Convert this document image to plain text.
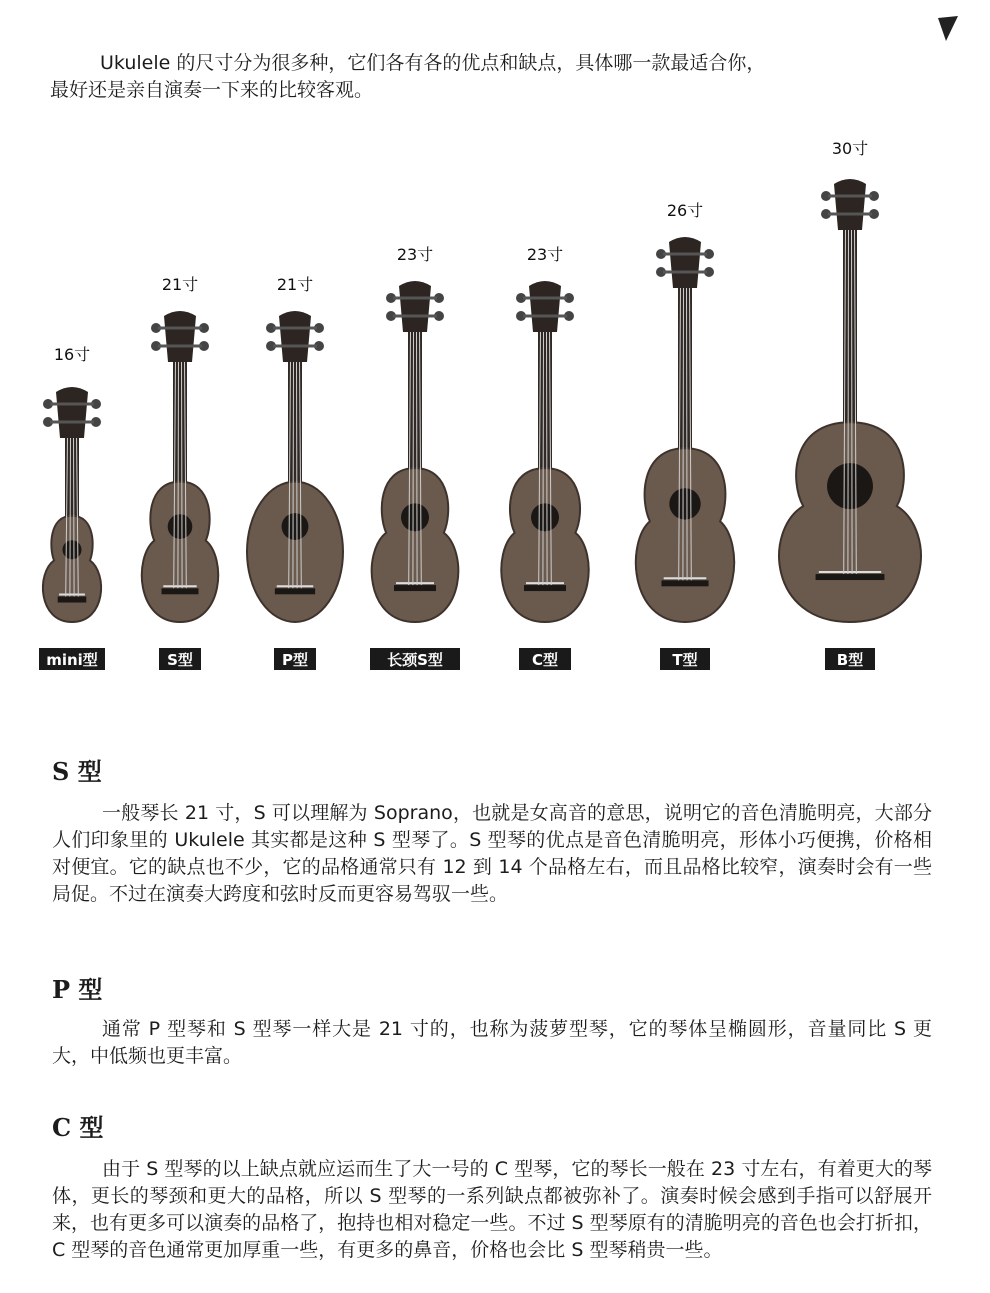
Ukulele 的尺寸分为很多种，它们各有各的优点和缺点，具体哪一款最适合你，
最好还是亲自演奏一下来的比较客观。

16寸
mini型
21寸
S型
21寸
P型
23寸
长颈S型
23寸
C型
26寸
T型
30寸
B型
S 型

一般琴长 21 寸，S 可以理解为 Soprano，也就是女高音的意思，说明它的音色清脆明亮，大部分人们印象里的 Ukulele 其实都是这种 S 型琴了。S 型琴的优点是音色清脆明亮，形体小巧便携，价格相对便宜。它的缺点也不少，它的品格通常只有 12 到 14 个品格左右，而且品格比较窄，演奏时会有一些局促。不过在演奏大跨度和弦时反而更容易驾驭一些。

P 型

通常 P 型琴和 S 型琴一样大是 21 寸的，也称为菠萝型琴，它的琴体呈椭圆形，音量同比 S 更大，中低频也更丰富。

C 型

由于 S 型琴的以上缺点就应运而生了大一号的 C 型琴，它的琴长一般在 23 寸左右，有着更大的琴体，更长的琴颈和更大的品格，所以 S 型琴的一系列缺点都被弥补了。演奏时候会感到手指可以舒展开来，也有更多可以演奏的品格了，抱持也相对稳定一些。不过 S 型琴原有的清脆明亮的音色也会打折扣，C 型琴的音色通常更加厚重一些，有更多的鼻音，价格也会比 S 型琴稍贵一些。
